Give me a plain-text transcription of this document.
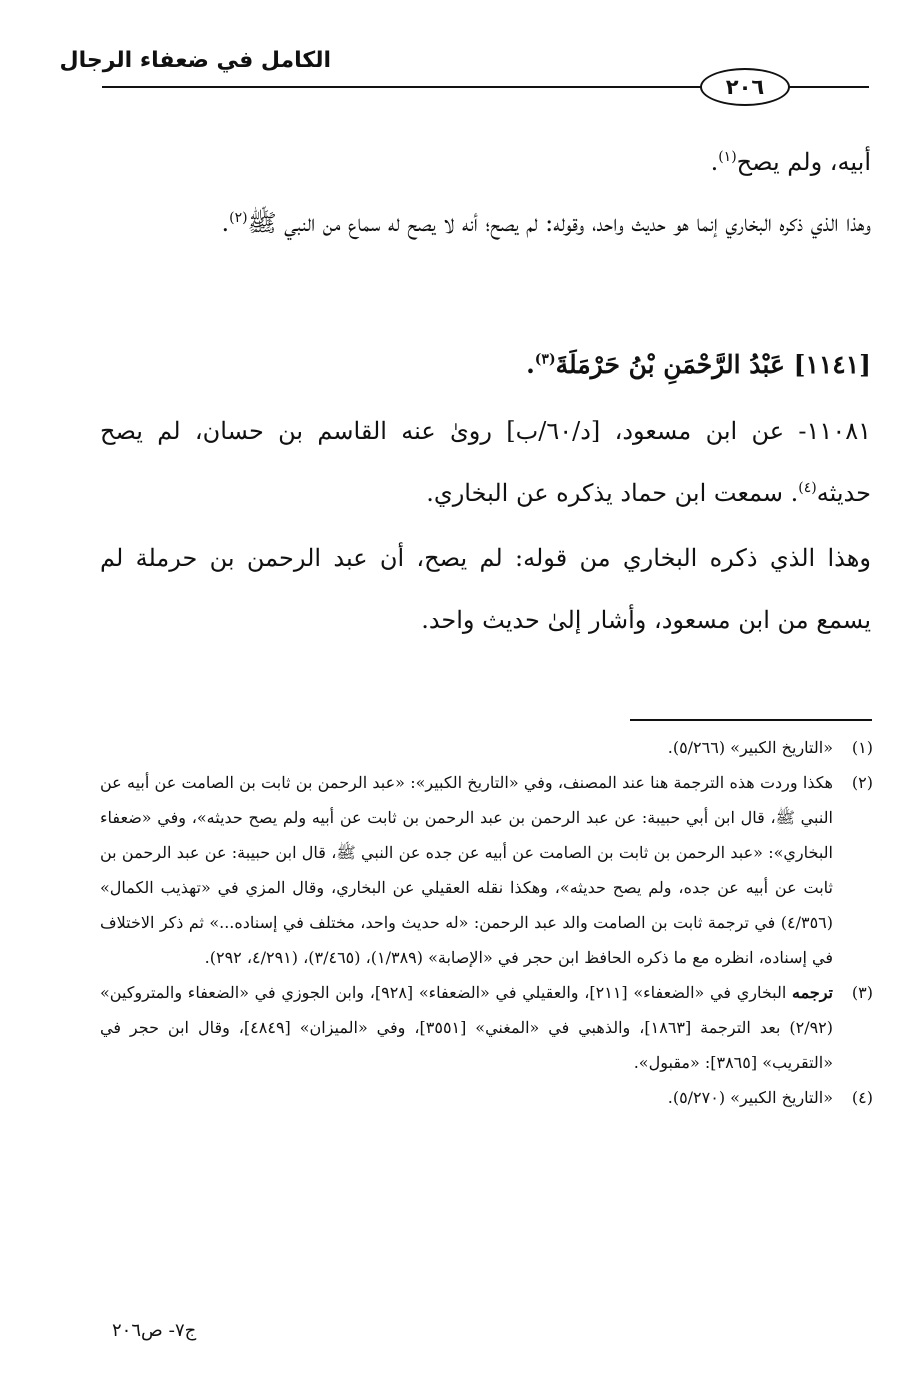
الكامل في ضعفاء الرجال
٢٠٦
أبيه، ولم يصح$^{(١)}$.
وهذا الذي ذكره البخاري إنما هو حديث واحد، وقوله: لم يصح؛ أنه لا يصح له سماع من النبي ﷺ$^{(٢)}$.
[١١٤١] عَبْدُ الرَّحْمَنِ بْنُ حَرْمَلَةَ$^{(٣)}$.
١١٠٨١- عن ابن مسعود، [د/٦٠/ب] روىٰ عنه القاسم بن حسان، لم يصح حديثه$^{(٤)}$. سمعت ابن حماد يذكره عن البخاري.
وهذا الذي ذكره البخاري من قوله: لم يصح، أن عبد الرحمن بن حرملة لم يسمع من ابن مسعود، وأشار إلىٰ حديث واحد.
(١)
«التاريخ الكبير» (٥/٢٦٦).
(٢)
هكذا وردت هذه الترجمة هنا عند المصنف، وفي «التاريخ الكبير»: «عبد الرحمن بن ثابت بن الصامت عن أبيه عن النبي ﷺ، قال ابن أبي حبيبة: عن عبد الرحمن بن عبد الرحمن بن ثابت عن أبيه ولم يصح حديثه»، وفي «ضعفاء البخاري»: «عبد الرحمن بن ثابت بن الصامت عن أبيه عن جده عن النبي ﷺ، قال ابن حبيبة: عن عبد الرحمن بن ثابت عن أبيه عن جده، ولم يصح حديثه»، وهكذا نقله العقيلي عن البخاري، وقال المزي في «تهذيب الكمال» (٤/٣٥٦) في ترجمة ثابت بن الصامت والد عبد الرحمن: «له حديث واحد، مختلف في إسناده...» ثم ذكر الاختلاف في إسناده، انظره مع ما ذكره الحافظ ابن حجر في «الإصابة» (١/٣٨٩)، (٣/٤٦٥)، (٤/٢٩١، ٢٩٢).
(٣)
ترجمه البخاري في «الضعفاء» [٢١١]، والعقيلي في «الضعفاء» [٩٢٨]، وابن الجوزي في «الضعفاء والمتروكين» (٢/٩٢) بعد الترجمة [١٨٦٣]، والذهبي في «المغني» [٣٥٥١]، وفي «الميزان» [٤٨٤٩]، وقال ابن حجر في «التقريب» [٣٨٦٥]: «مقبول».
(٤)
«التاريخ الكبير» (٥/٢٧٠).
ج٧- ص٢٠٦
